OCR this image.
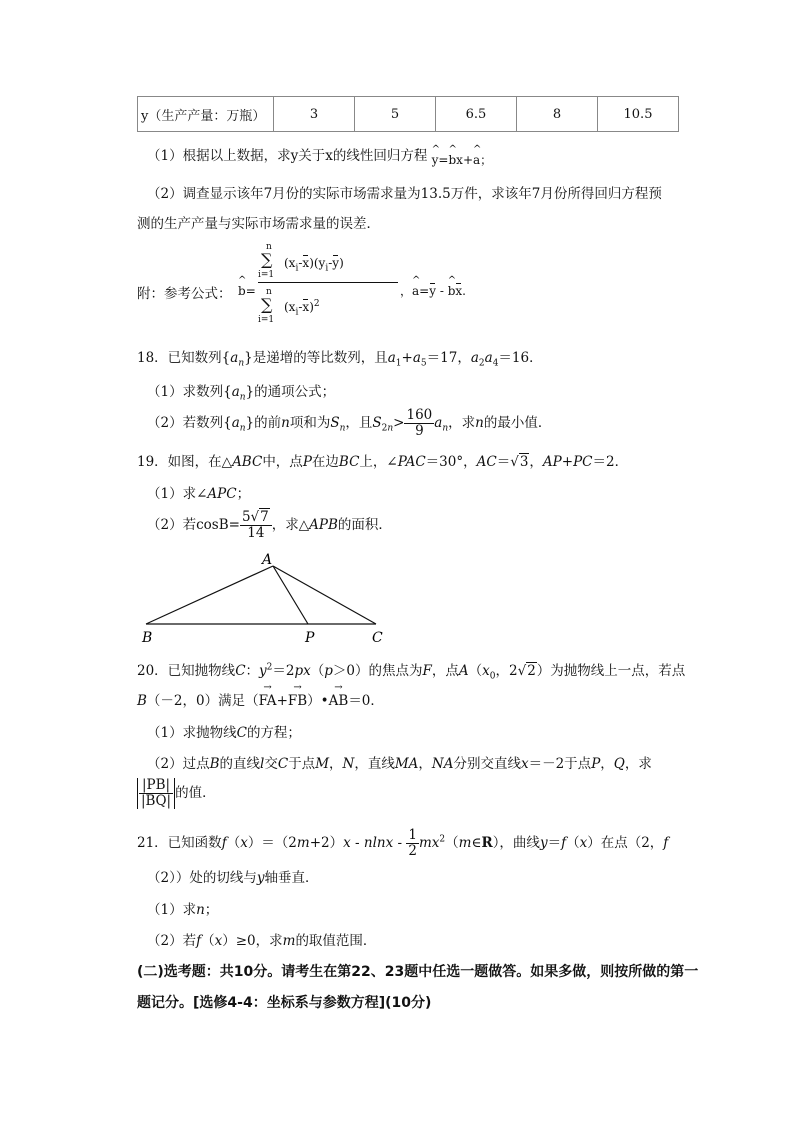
y（生产产量：万瓶）	3	5	6.5	8	10.5
（1）根据以上数据，求y关于x的线性回归方程 ^ y=^ bx+^ a；
（2）调查显示该年7月份的实际市场需求量为13.5万件，求该年7月份所得回归方程预
测的生产产量与实际市场需求量的误差．
附：参考公式： ^ b= n
∑
i=1
$(x_i-x)(y_i-y)$
n
∑
i=1
$(x_i-x)^2$ ，^ a=y - ^ bx.
18．已知数列$\{a_n\}$是递增的等比数列，且$a_1+a_5=17$，$a_2a_4=16$．
（1）求数列$\{a_n\}$的通项公式；
（2）若数列$\{a_n\}$的前n项和为$S_n$，且$S_{2n}> \frac{160}{9} a_n$，求n的最小值．
19．如图，在△ABC中，点P在边BC上，∠PAC＝30°，AC＝√3，AP+PC＝2．
（1）求∠APC；
（2）若$\cos B= \frac{5√7}{14}$ ，求△APB的面积．
A
B	P	C
20．已知抛物线C：$y^2=2px(p>0)$的焦点为F，点$A(x_0$，2√2）为抛物线上一点，若点
B（－2，0）满足（→ FA+→ FB）•→ AB＝0．
（1）求抛物线C的方程；
（2）过点B的直线l交C于点M，N，直线MA，NA分别交直线x＝－2于点P，Q，求
$\frac{|PB|}{|BQ|}$ 的值．
21．已知函数$f(x)=(2m+2)x - nlnx - \frac{1}{2}$ $mx^2(m\in R)$，曲线y＝f（x）在点（2，f
（2））处的切线与y轴垂直．
（1）求n；
（2）若f（x）≥0，求m的取值范围．
(二)选考题：共10分。请考生在第22、23题中任选一题做答。如果多做，则按所做的第一
题记分。[选修4-4：坐标系与参数方程](10分)
